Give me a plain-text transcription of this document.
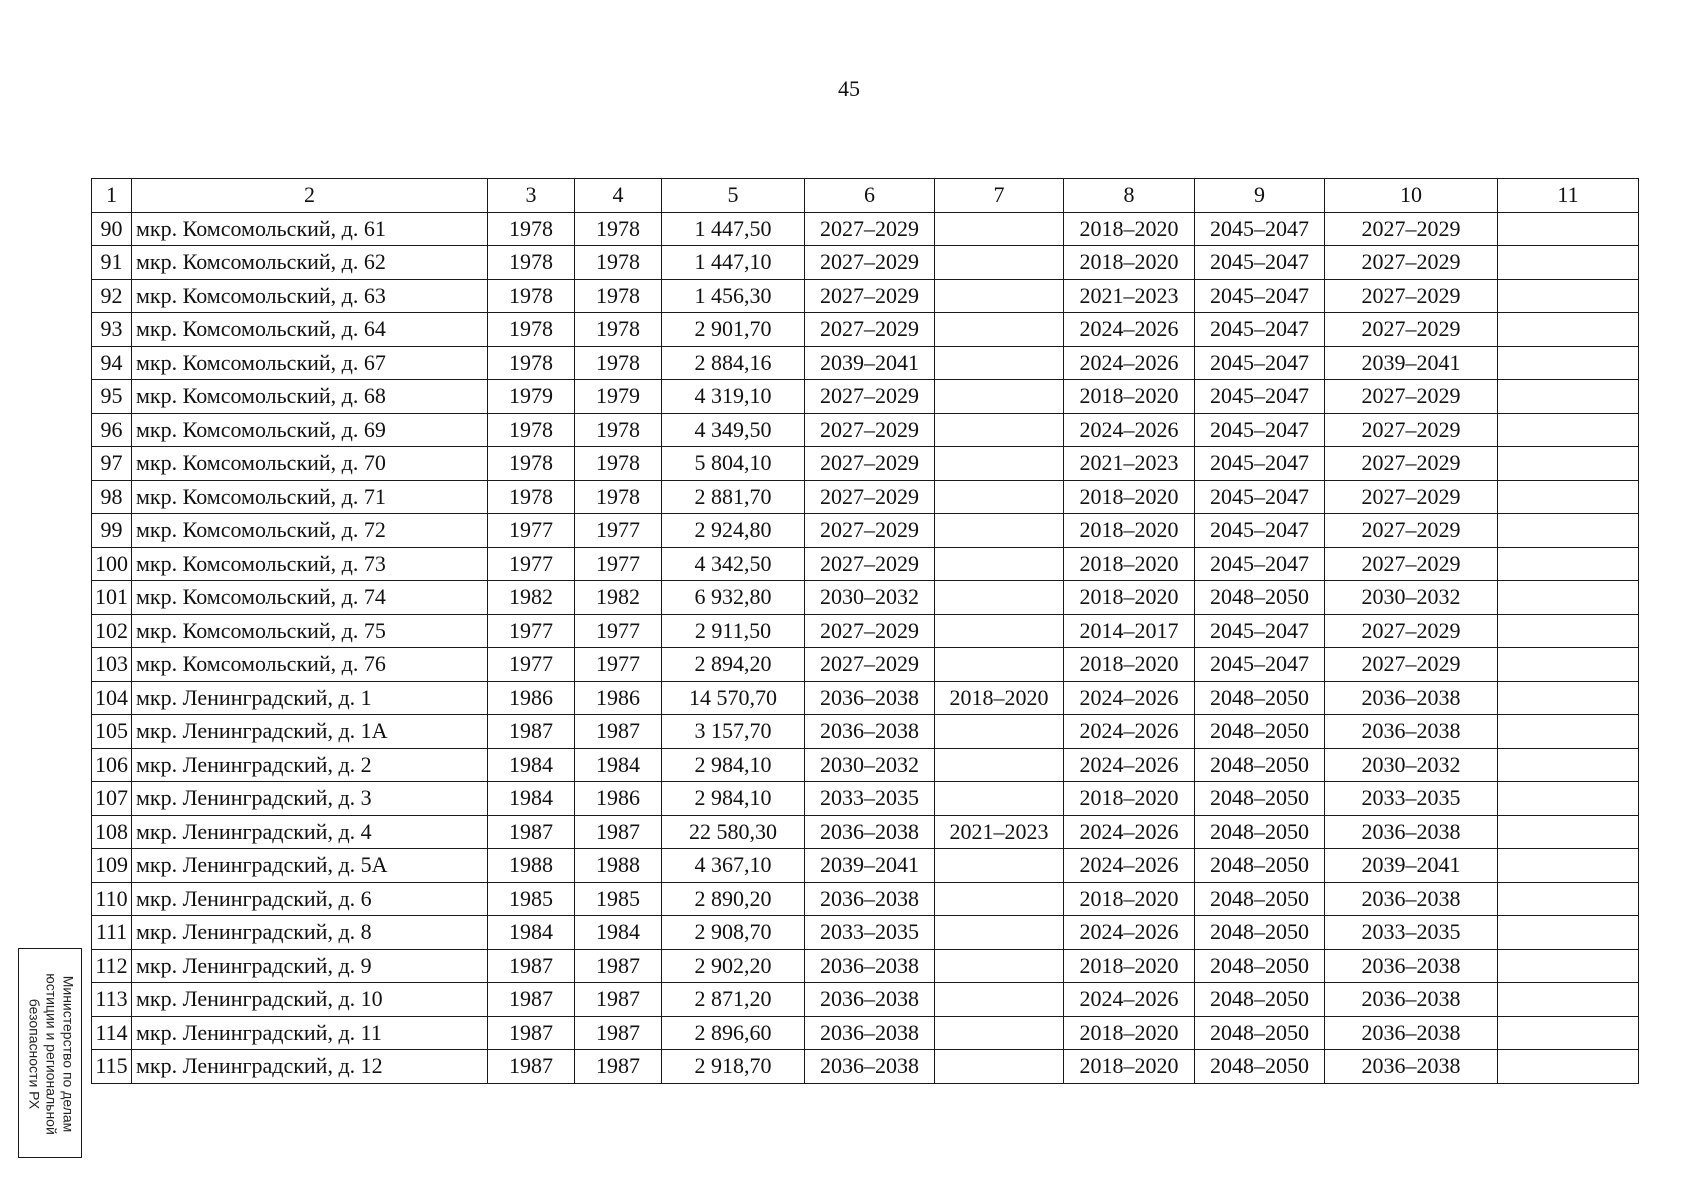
45
1	2	3	4	5	6	7	8	9	10	11
90	мкр. Комсомольский, д. 61	1978	1978	1 447,50	2027–2029		2018–2020	2045–2047	2027–2029	
91	мкр. Комсомольский, д. 62	1978	1978	1 447,10	2027–2029		2018–2020	2045–2047	2027–2029	
92	мкр. Комсомольский, д. 63	1978	1978	1 456,30	2027–2029		2021–2023	2045–2047	2027–2029	
93	мкр. Комсомольский, д. 64	1978	1978	2 901,70	2027–2029		2024–2026	2045–2047	2027–2029	
94	мкр. Комсомольский, д. 67	1978	1978	2 884,16	2039–2041		2024–2026	2045–2047	2039–2041	
95	мкр. Комсомольский, д. 68	1979	1979	4 319,10	2027–2029		2018–2020	2045–2047	2027–2029	
96	мкр. Комсомольский, д. 69	1978	1978	4 349,50	2027–2029		2024–2026	2045–2047	2027–2029	
97	мкр. Комсомольский, д. 70	1978	1978	5 804,10	2027–2029		2021–2023	2045–2047	2027–2029	
98	мкр. Комсомольский, д. 71	1978	1978	2 881,70	2027–2029		2018–2020	2045–2047	2027–2029	
99	мкр. Комсомольский, д. 72	1977	1977	2 924,80	2027–2029		2018–2020	2045–2047	2027–2029	
100	мкр. Комсомольский, д. 73	1977	1977	4 342,50	2027–2029		2018–2020	2045–2047	2027–2029	
101	мкр. Комсомольский, д. 74	1982	1982	6 932,80	2030–2032		2018–2020	2048–2050	2030–2032	
102	мкр. Комсомольский, д. 75	1977	1977	2 911,50	2027–2029		2014–2017	2045–2047	2027–2029	
103	мкр. Комсомольский, д. 76	1977	1977	2 894,20	2027–2029		2018–2020	2045–2047	2027–2029	
104	мкр. Ленинградский, д. 1	1986	1986	14 570,70	2036–2038	2018–2020	2024–2026	2048–2050	2036–2038	
105	мкр. Ленинградский, д. 1А	1987	1987	3 157,70	2036–2038		2024–2026	2048–2050	2036–2038	
106	мкр. Ленинградский, д. 2	1984	1984	2 984,10	2030–2032		2024–2026	2048–2050	2030–2032	
107	мкр. Ленинградский, д. 3	1984	1986	2 984,10	2033–2035		2018–2020	2048–2050	2033–2035	
108	мкр. Ленинградский, д. 4	1987	1987	22 580,30	2036–2038	2021–2023	2024–2026	2048–2050	2036–2038	
109	мкр. Ленинградский, д. 5А	1988	1988	4 367,10	2039–2041		2024–2026	2048–2050	2039–2041	
110	мкр. Ленинградский, д. 6	1985	1985	2 890,20	2036–2038		2018–2020	2048–2050	2036–2038	
111	мкр. Ленинградский, д. 8	1984	1984	2 908,70	2033–2035		2024–2026	2048–2050	2033–2035	
112	мкр. Ленинградский, д. 9	1987	1987	2 902,20	2036–2038		2018–2020	2048–2050	2036–2038	
113	мкр. Ленинградский, д. 10	1987	1987	2 871,20	2036–2038		2024–2026	2048–2050	2036–2038	
114	мкр. Ленинградский, д. 11	1987	1987	2 896,60	2036–2038		2018–2020	2048–2050	2036–2038	
115	мкр. Ленинградский, д. 12	1987	1987	2 918,70	2036–2038		2018–2020	2048–2050	2036–2038	
Министерство по делам
юстиции и региональной
безопасности РХ
